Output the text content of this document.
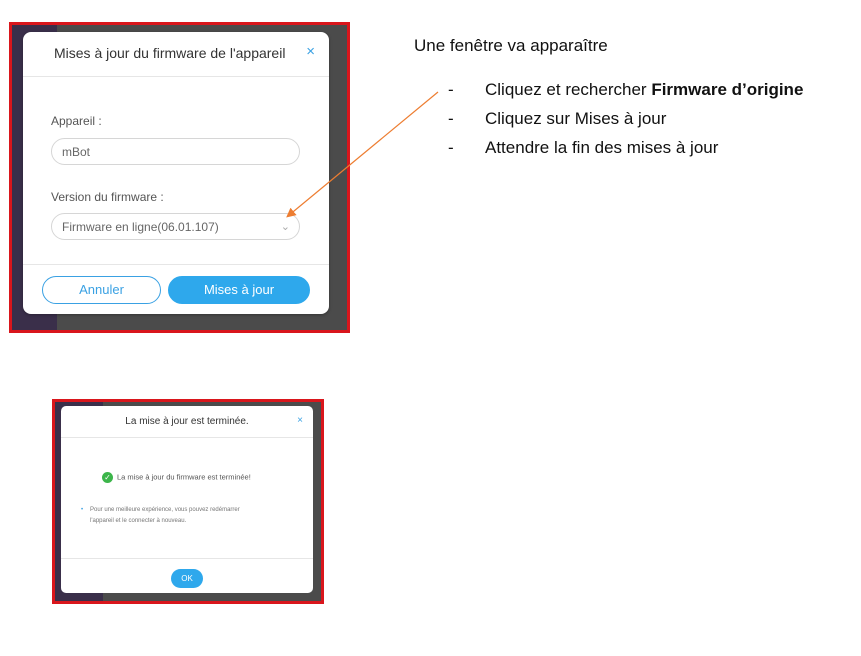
Mises à jour du firmware de l'appareil ×
Appareil :
mBot
Version du firmware :
Firmware en ligne(06.01.107)	⌄
Annuler	Mises à jour
Une fenêtre va apparaître
- Cliquez et rechercher Firmware d’origine
- Cliquez sur Mises à jour
- Attendre la fin des mises à jour
La mise à jour est terminée.	×
✓ La mise à jour du firmware est terminée!
•	Pour une meilleure expérience, vous pouvez redémarrer
l'appareil et le connecter à nouveau.
OK
